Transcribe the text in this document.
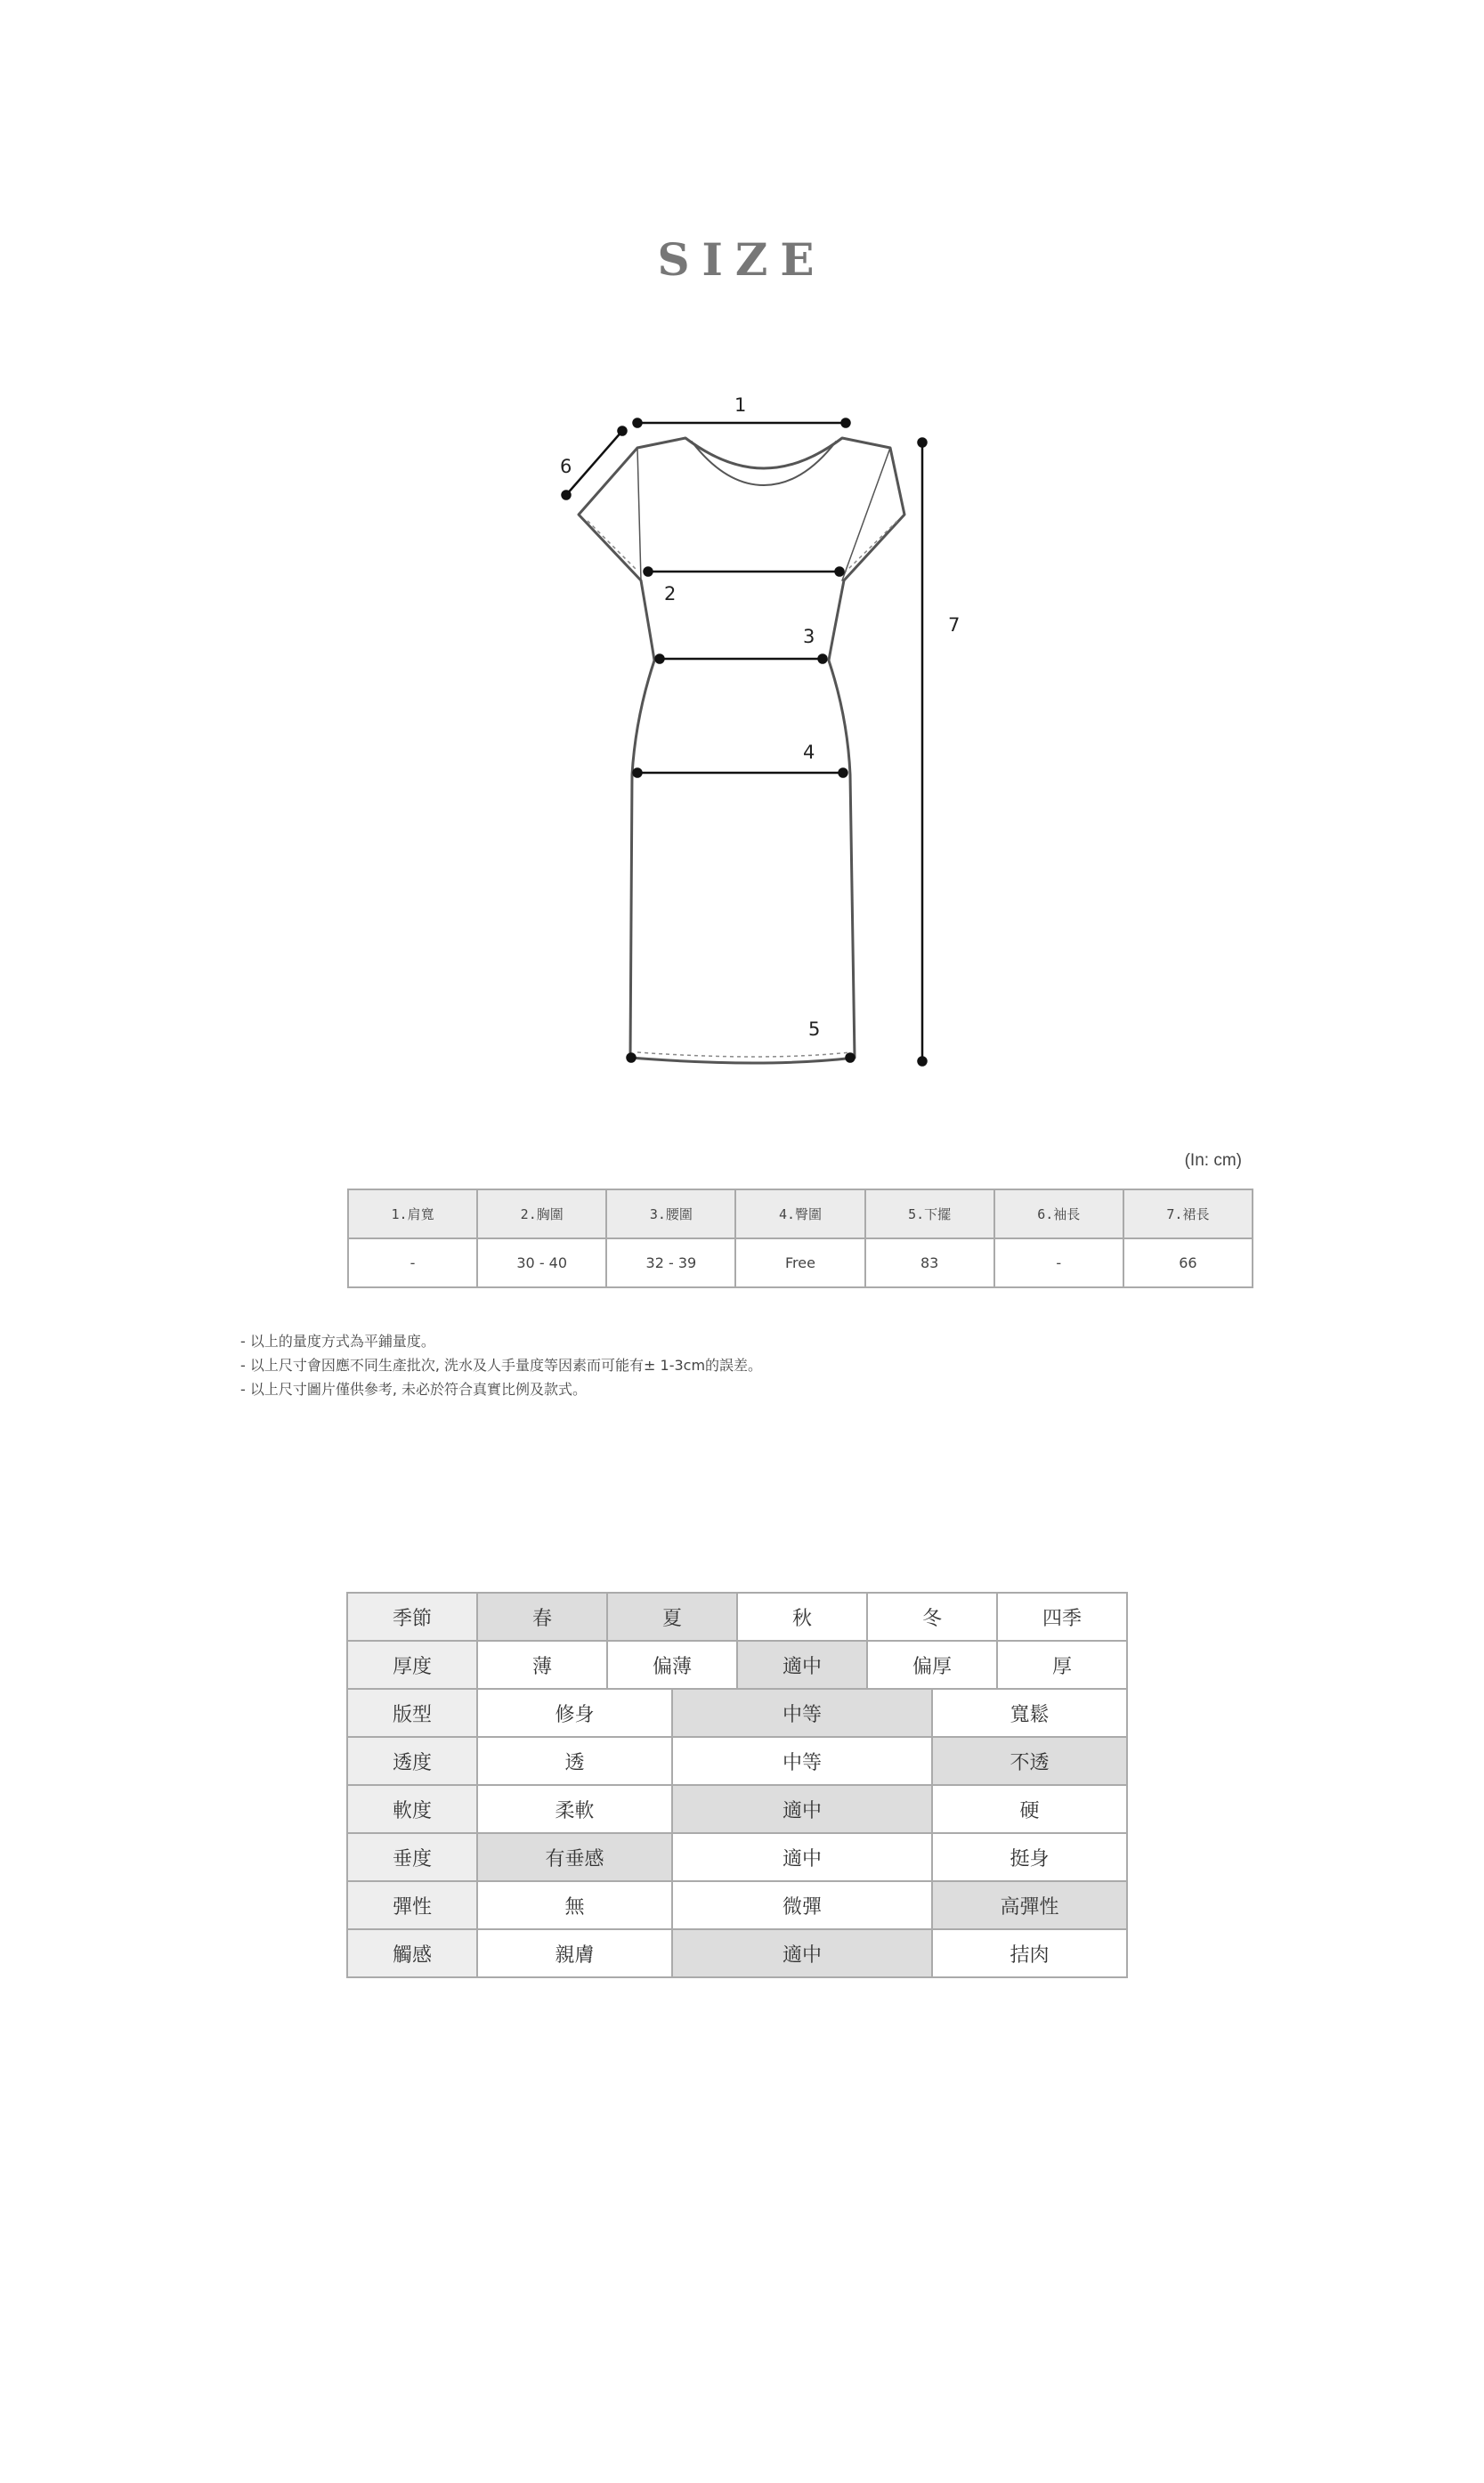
SIZE
1
2
3
4
5
6
7
(In: cm)
1.肩寬	2.胸圍	3.腰圍	4.臀圍	5.下擺	6.袖長	7.裙長
-	30 - 40	32 - 39	Free	83	-	66
- 以上的量度方式為平鋪量度。
- 以上尺寸會因應不同生產批次, 洗水及人手量度等因素而可能有± 1-3cm的誤差。
- 以上尺寸圖片僅供參考, 未必於符合真實比例及款式。
季節	春	夏		秋	冬		四季
厚度	薄	偏薄		適中	偏厚		厚
版型	修身		中等			寬鬆	
透度	透		中等			不透	
軟度	柔軟		適中			硬	
垂度	有垂感		適中			挺身	
彈性	無		微彈			高彈性	
觸感	親膚		適中			拮肉	
